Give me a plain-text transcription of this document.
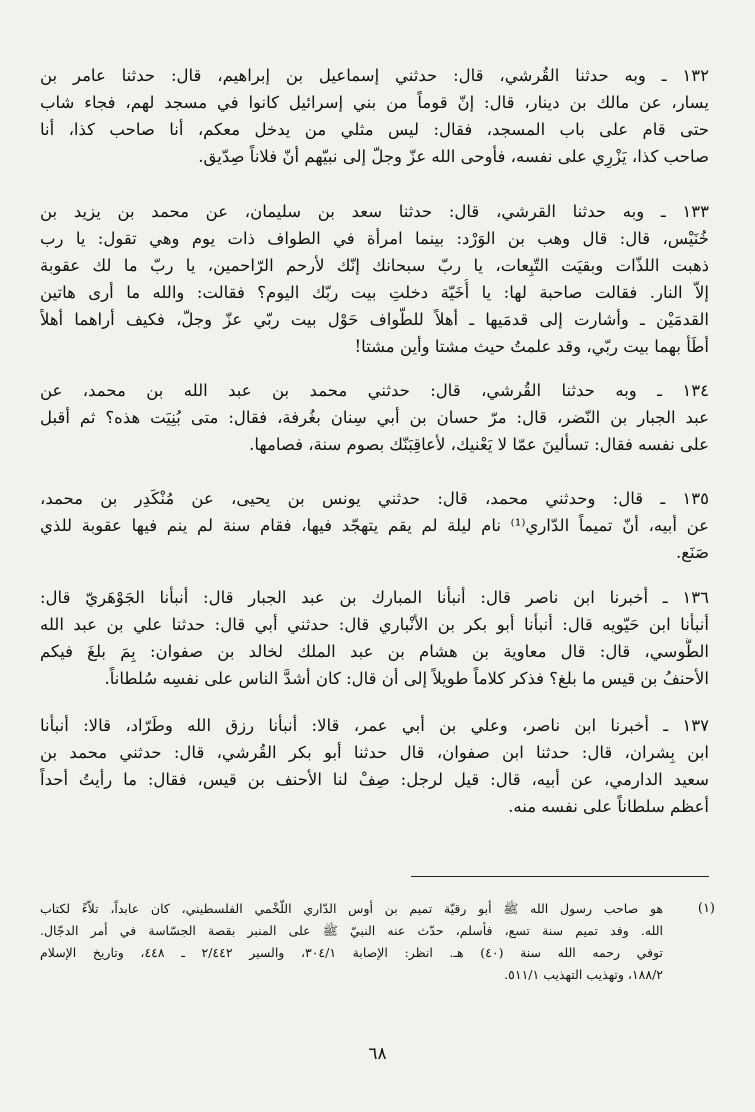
١٣٢ ـ وبه حدثنا القُرشي، قال: حدثني إسماعيل بن إبراهيم، قال: حدثنا عامر بن
يسار، عن مالك بن دينار، قال: إنّ قوماً من بني إسرائيل كانوا في مسجد لهم، فجاء شاب
حتى قام على باب المسجد، فقال: ليس مثلي من يدخل معكم، أنا صاحب كذا، أنا
صاحب كذا، يَزْرِي على نفسه، فأوحى الله عزّ وجلّ إلى نبيّهم أنّ فلاناً صِدّيق.
١٣٣ ـ وبه حدثنا القرشي، قال: حدثنا سعد بن سليمان، عن محمد بن يزيد بن
خُنَيْس، قال: قال وهب بن الوَرْد: بينما امرأة في الطواف ذات يوم وهي تقول: يا رب
ذهبت اللذّات وبقيَت التّبِعات، يا ربّ سبحانك إنّك لأرحم الرّاحمين، يا ربّ ما لك عقوبة
إلاّ النار. فقالت صاحبة لها: يا أُخَيّة دخلتِ بيت ربّك اليوم؟ فقالت: والله ما أرى هاتين
القدمَيْن ـ وأشارت إلى قدمَيها ـ أهلاً للطّواف حَوْل بيت ربّي عزّ وجلّ، فكيف أراهما أهلاً
أطَأ بهما بيت ربّي، وقد علمتُ حيث مشتا وأين مشتا!
١٣٤ ـ وبه حدثنا القُرشي، قال: حدثني محمد بن عبد الله بن محمد، عن
عبد الجبار بن النّضر، قال: مرّ حسان بن أبي سِنان بغُرفة، فقال: متى بُنِيَت هذه؟ ثم أقبل
على نفسه فقال: تسألينَ عمّا لا يَعْنيك، لأعاقِبَنّك بصوم سنة، فصامها.
١٣٥ ـ قال: وحدثني محمد، قال: حدثني يونس بن يحيى، عن مُنْكَدِر بن محمد،
عن أبيه، أنّ تميماً الدّاري⁽¹⁾ نام ليلة لم يقم يتهجّد فيها، فقام سنة لم ينم فيها عقوبة للذي
صَنَع.
١٣٦ ـ أخبرنا ابن ناصر قال: أنبأنا المبارك بن عبد الجبار قال: أنبأنا الجَوْهَريّ قال:
أنبأنا ابن حَيّويه قال: أنبأنا أبو بكر بن الأنْباري قال: حدثني أبي قال: حدثنا علي بن عبد الله
الطُّوسي، قال: قال معاوية بن هشام بن عبد الملك لخالد بن صفوان: بِمَ بلغَ فيكم
الأحنفُ بن قيس ما بلغ؟ فذكر كلاماً طويلاً إلى أن قال: كان أشدَّ الناس على نفسِه سُلطاناً.
١٣٧ ـ أخبرنا ابن ناصر، وعلي بن أبي عمر، قالا: أنبأنا رزق الله وطَرّاد، قالا: أنبأنا
ابن بِشران، قال: حدثنا ابن صفوان، قال حدثنا أبو بكر القُرشي، قال: حدثني محمد بن
سعيد الدارمي، عن أبيه، قال: قيل لرجل: صِفْ لنا الأحنف بن قيس، فقال: ما رأيتُ أحداً
أعظم سلطاناً على نفسه منه.
(١)
هو صاحب رسول الله ﷺ أبو رقيّة تميم بن أوس الدّاري اللّخْمي الفلسطيني، كان عابداً، تلاّءً لكتاب
الله. وفد تميم سنة تسع، فأسلم، حدّث عنه النبيّ ﷺ على المنبر بقصة الجسّاسة في أمر الدجّال.
توفي رحمه الله سنة (٤٠) هـ. انظر: الإصابة ٣٠٤/١، والسير ٢/٤٤٢ ـ ٤٤٨، وتاريخ الإسلام
١٨٨/٢، وتهذيب التهذيب ٥١١/١.
٦٨
